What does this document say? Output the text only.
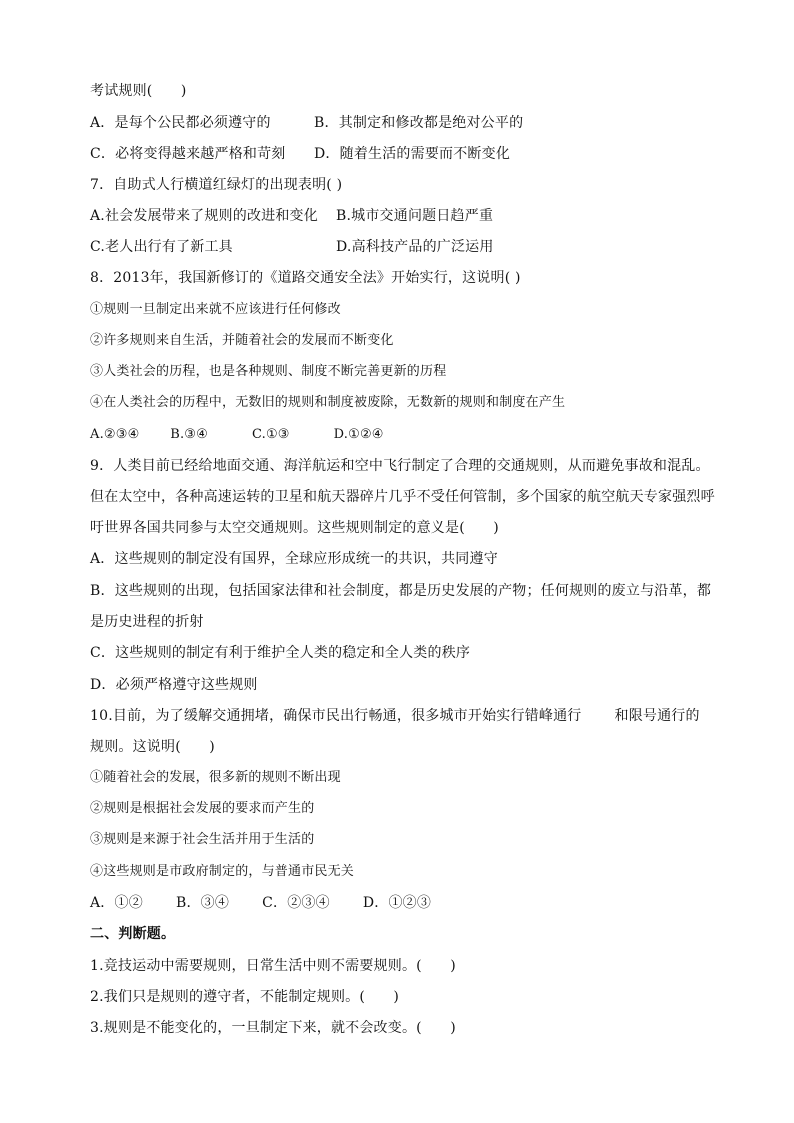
考试规则(　　)
A．是每个公民都必须遵守的	B．其制定和修改都是绝对公平的
C．必将变得越来越严格和苛刻 D．随着生活的需要而不断变化
7．自助式人行横道红绿灯的出现表明( )
A.社会发展带来了规则的改进和变化 B.城市交通问题日趋严重
C.老人出行有了新工具	D.高科技产品的广泛运用
8．2013年，我国新修订的《道路交通安全法》开始实行，这说明( )
①规则一旦制定出来就不应该进行任何修改
②许多规则来自生活，并随着社会的发展而不断变化
③人类社会的历程，也是各种规则、制度不断完善更新的历程
④在人类社会的历程中，无数旧的规则和制度被废除，无数新的规则和制度在产生
A.②③④　　 B.③④　　　 C.①③　　　 D.①②④
9．人类目前已经给地面交通、海洋航运和空中飞行制定了合理的交通规则，从而避免事故和混乱。
但在太空中，各种高速运转的卫星和航天器碎片几乎不受任何管制，多个国家的航空航天专家强烈呼
吁世界各国共同参与太空交通规则。这些规则制定的意义是(　　)
A．这些规则的制定没有国界，全球应形成统一的共识，共同遵守
B．这些规则的出现，包括国家法律和社会制度，都是历史发展的产物；任何规则的废立与沿革，都
是历史进程的折射
C．这些规则的制定有利于维护全人类的稳定和全人类的秩序
D．必须严格遵守这些规则
10.目前，为了缓解交通拥堵，确保市民出行畅通，很多城市开始实行错峰通行　　 和限号通行的
规则。这说明(　　)
①随着社会的发展，很多新的规则不断出现
②规则是根据社会发展的要求而产生的
③规则是来源于社会生活并用于生活的
④这些规则是市政府制定的，与普通市民无关
A．①②　　 B．③④　　 C．②③④　　 D．①②③
二、判断题。
1.竞技运动中需要规则，日常生活中则不需要规则。(　　)
2.我们只是规则的遵守者，不能制定规则。(　　)
3.规则是不能变化的，一旦制定下来，就不会改变。(　　)
